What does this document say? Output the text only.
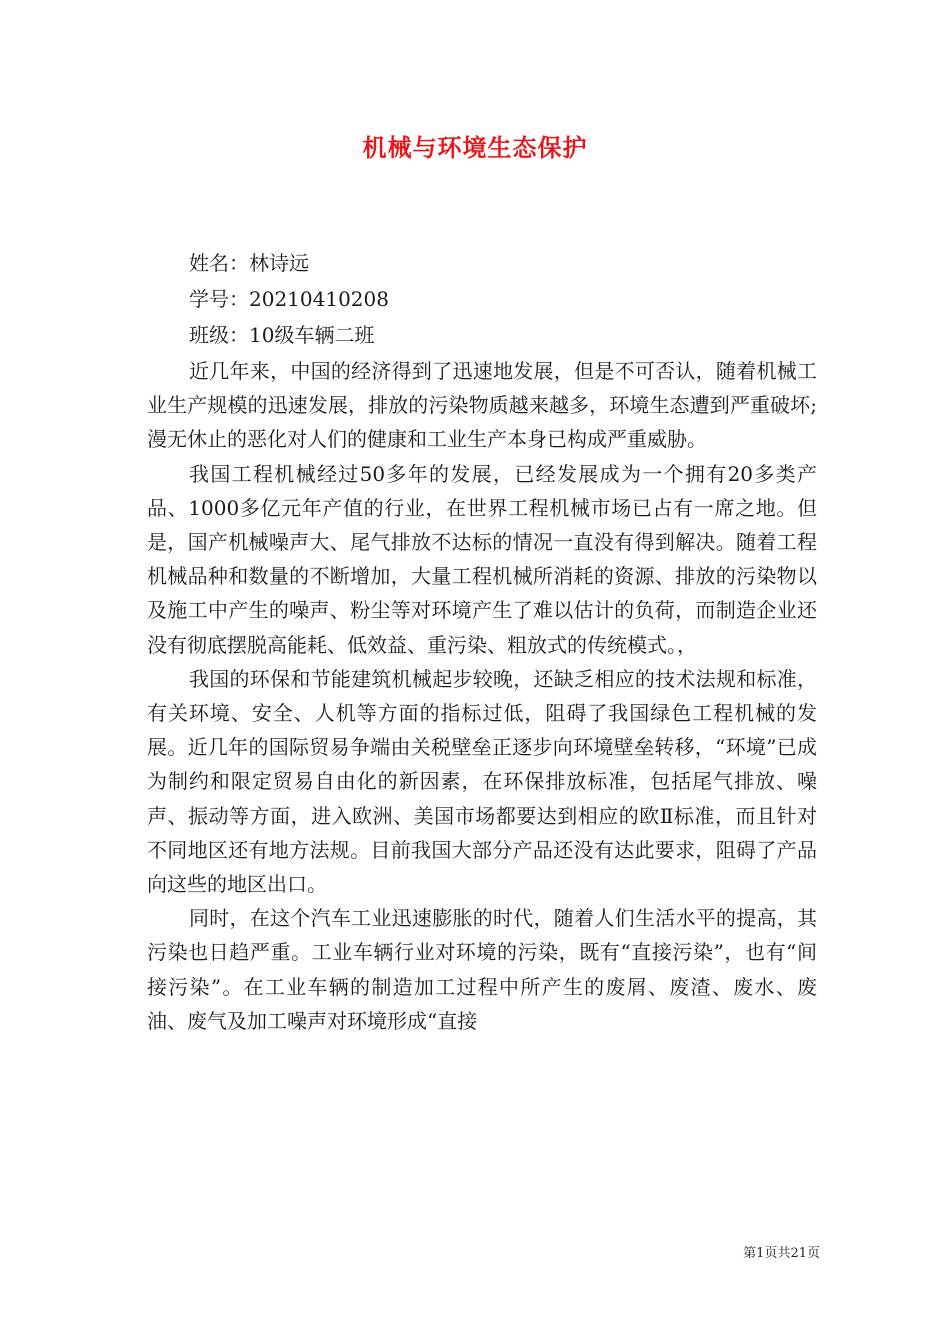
机械与环境生态保护
姓名：林诗远
学号：20210410208
班级：10级车辆二班

近几年来，中国的经济得到了迅速地发展，但是不可否认，随着机械工业生产规模的迅速发展，排放的污染物质越来越多，环境生态遭到严重破坏;漫无休止的恶化对人们的健康和工业生产本身已构成严重威胁。

我国工程机械经过50多年的发展，已经发展成为一个拥有20多类产品、1000多亿元年产值的行业，在世界工程机械市场已占有一席之地。但是，国产机械噪声大、尾气排放不达标的情况一直没有得到解决。随着工程机械品种和数量的不断增加，大量工程机械所消耗的资源、排放的污染物以及施工中产生的噪声、粉尘等对环境产生了难以估计的负荷，而制造企业还没有彻底摆脱高能耗、低效益、重污染、粗放式的传统模式。，

我国的环保和节能建筑机械起步较晚，还缺乏相应的技术法规和标准，有关环境、安全、人机等方面的指标过低，阻碍了我国绿色工程机械的发展。近几年的国际贸易争端由关税壁垒正逐步向环境壁垒转移，“环境”已成为制约和限定贸易自由化的新因素，在环保排放标准，包括尾气排放、噪声、振动等方面，进入欧洲、美国市场都要达到相应的欧Ⅱ标准，而且针对不同地区还有地方法规。目前我国大部分产品还没有达此要求，阻碍了产品向这些的地区出口。

同时，在这个汽车工业迅速膨胀的时代，随着人们生活水平的提高，其污染也日趋严重。工业车辆行业对环境的污染，既有“直接污染”，也有“间接污染”。在工业车辆的制造加工过程中所产生的废屑、废渣、废水、废油、废气及加工噪声对环境形成“直接

第1页共21页
